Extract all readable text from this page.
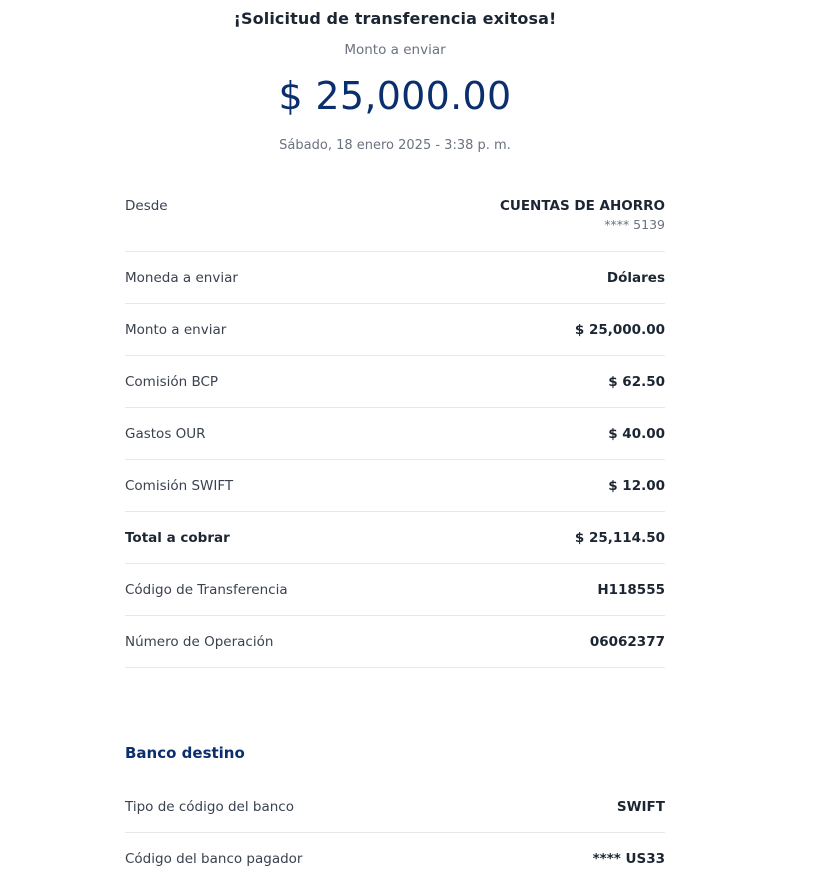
¡Solicitud de transferencia exitosa!
Monto a enviar
$ 25,000.00
Sábado, 18 enero 2025 - 3:38 p. m.
Desde	CUENTAS DE AHORRO
**** 5139
Moneda a enviar	Dólares
Monto a enviar	$ 25,000.00
Comisión BCP	$ 62.50
Gastos OUR	$ 40.00
Comisión SWIFT	$ 12.00
Total a cobrar	$ 25,114.50
Código de Transferencia	H118555
Número de Operación	06062377
Banco destino
Tipo de código del banco	SWIFT
Código del banco pagador	**** US33
